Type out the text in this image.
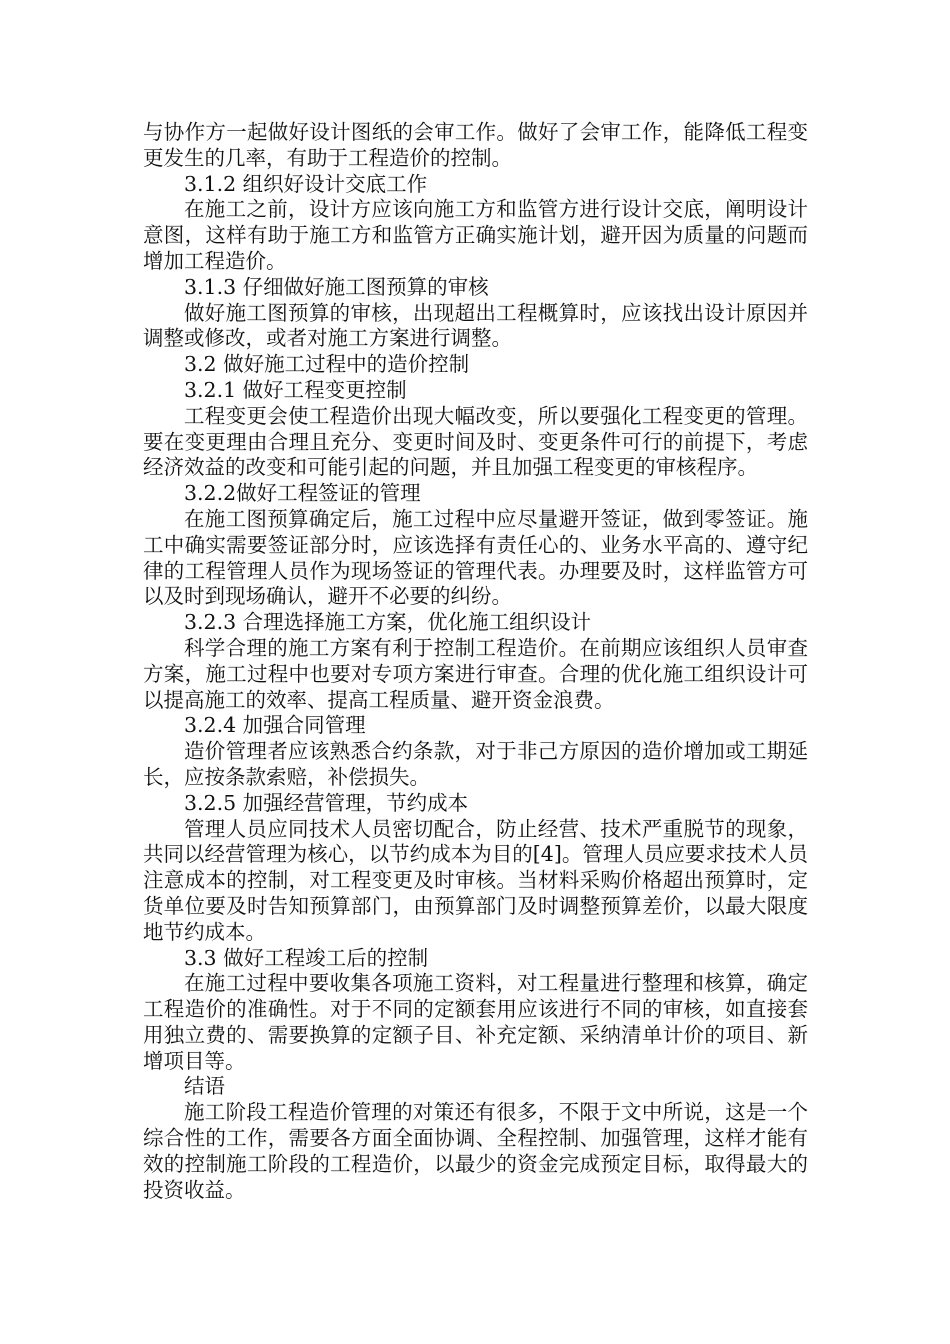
与协作方一起做好设计图纸的会审工作。做好了会审工作，能降低工程变更发生的几率，有助于工程造价的控制。

3.1.2 组织好设计交底工作

在施工之前，设计方应该向施工方和监管方进行设计交底，阐明设计意图，这样有助于施工方和监管方正确实施计划，避开因为质量的问题而增加工程造价。

3.1.3 仔细做好施工图预算的审核

做好施工图预算的审核，出现超出工程概算时，应该找出设计原因并调整或修改，或者对施工方案进行调整。

3.2 做好施工过程中的造价控制

3.2.1 做好工程变更控制

工程变更会使工程造价出现大幅改变，所以要强化工程变更的管理。要在变更理由合理且充分、变更时间及时、变更条件可行的前提下，考虑经济效益的改变和可能引起的问题，并且加强工程变更的审核程序。

3.2.2做好工程签证的管理

在施工图预算确定后，施工过程中应尽量避开签证，做到零签证。施工中确实需要签证部分时，应该选择有责任心的、业务水平高的、遵守纪律的工程管理人员作为现场签证的管理代表。办理要及时，这样监管方可以及时到现场确认，避开不必要的纠纷。

3.2.3 合理选择施工方案，优化施工组织设计

科学合理的施工方案有利于控制工程造价。在前期应该组织人员审查方案，施工过程中也要对专项方案进行审查。合理的优化施工组织设计可以提高施工的效率、提高工程质量、避开资金浪费。

3.2.4 加强合同管理

造价管理者应该熟悉合约条款，对于非己方原因的造价增加或工期延长，应按条款索赔，补偿损失。

3.2.5 加强经营管理，节约成本

管理人员应同技术人员密切配合，防止经营、技术严重脱节的现象，共同以经营管理为核心，以节约成本为目的[4]。管理人员应要求技术人员注意成本的控制，对工程变更及时审核。当材料采购价格超出预算时，定货单位要及时告知预算部门，由预算部门及时调整预算差价，以最大限度地节约成本。

3.3 做好工程竣工后的控制

在施工过程中要收集各项施工资料，对工程量进行整理和核算，确定工程造价的准确性。对于不同的定额套用应该进行不同的审核，如直接套用独立费的、需要换算的定额子目、补充定额、采纳清单计价的项目、新增项目等。

结语

施工阶段工程造价管理的对策还有很多，不限于文中所说，这是一个综合性的工作，需要各方面全面协调、全程控制、加强管理，这样才能有效的控制施工阶段的工程造价，以最少的资金完成预定目标，取得最大的投资收益。
